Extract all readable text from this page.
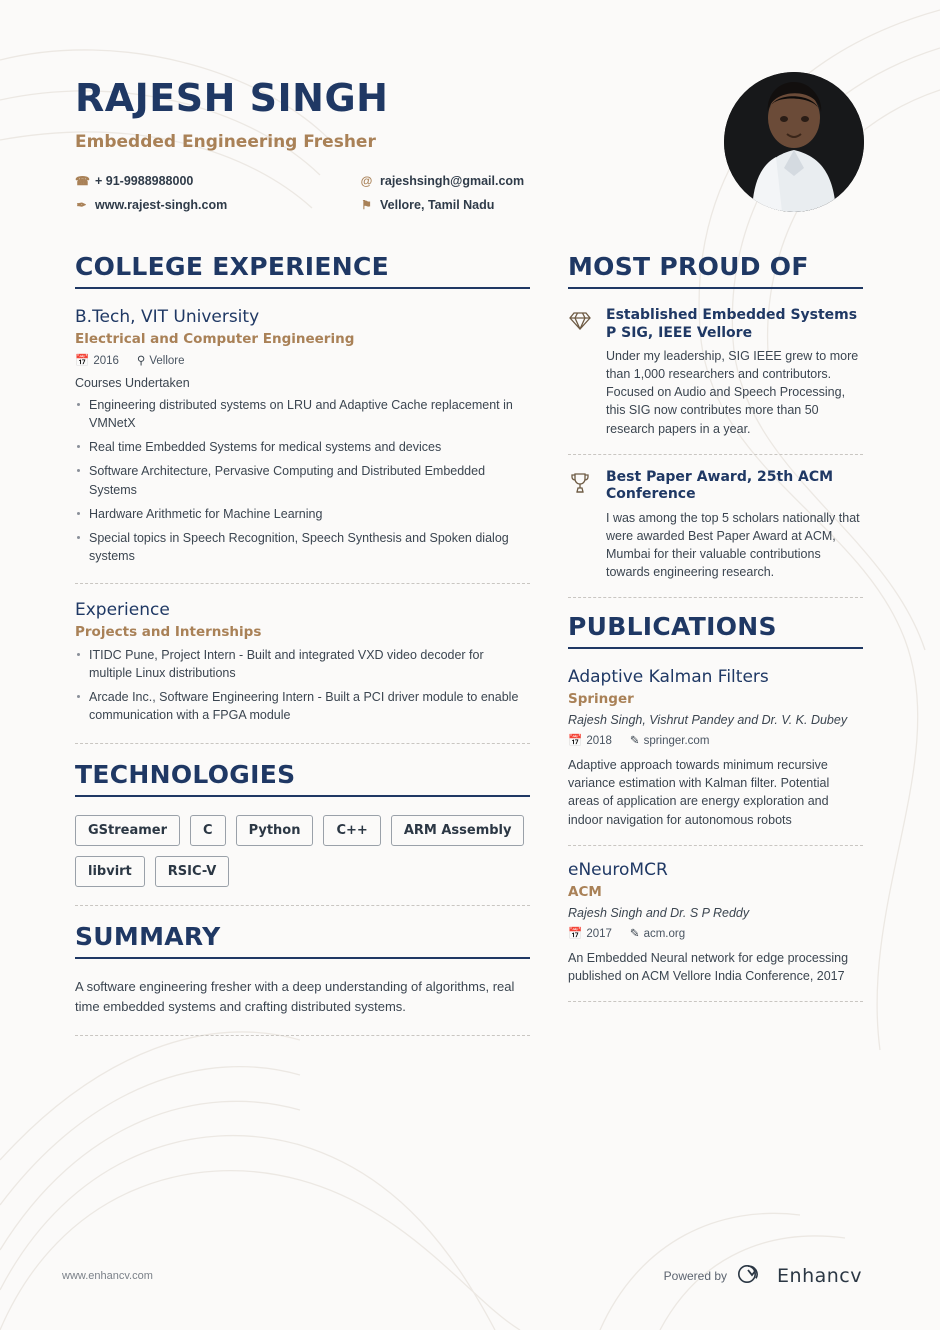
RAJESH SINGH
Embedded Engineering Fresher
☎ + 91-9988988000	@ rajeshsingh@gmail.com
✒ www.rajest-singh.com	⚑ Vellore, Tamil Nadu
COLLEGE EXPERIENCE
B.Tech, VIT University
Electrical and Computer Engineering
📅 2016 ⚲ Vellore

Courses Undertaken

Engineering distributed systems on LRU and Adaptive Cache replacement in VMNetX
Real time Embedded Systems for medical systems and devices
Software Architecture, Pervasive Computing and Distributed Embedded Systems
Hardware Arithmetic for Machine Learning
Special topics in Speech Recognition, Speech Synthesis and Spoken dialog systems
Experience
Projects and Internships
ITIDC Pune, Project Intern - Built and integrated VXD video decoder for multiple Linux distributions
Arcade Inc., Software Engineering Intern - Built a PCI driver module to enable communication with a FPGA module
TECHNOLOGIES
GStreamer	C	Python	C++	ARM Assembly
libvirt	RSIC-V
SUMMARY

A software engineering fresher with a deep understanding of algorithms, real time embedded systems and crafting distributed systems.

MOST PROUD OF
Established Embedded Systems P SIG, IEEE Vellore

Under my leadership, SIG IEEE grew to more than 1,000 researchers and contributors. Focused on Audio and Speech Processing, this SIG now contributes more than 50 research papers in a year.

Best Paper Award, 25th ACM Conference

I was among the top 5 scholars nationally that were awarded Best Paper Award at ACM, Mumbai for their valuable contributions towards engineering research.

PUBLICATIONS
Adaptive Kalman Filters
Springer
Rajesh Singh, Vishrut Pandey and Dr. V. K. Dubey
📅 2018 ✎ springer.com

Adaptive approach towards minimum recursive variance estimation with Kalman filter. Potential areas of application are energy exploration and indoor navigation for autonomous robots

eNeuroMCR
ACM
Rajesh Singh and Dr. S P Reddy
📅 2017 ✎ acm.org

An Embedded Neural network for edge processing published on ACM Vellore India Conference, 2017

www.enhancv.com	Powered by	Enhancv
